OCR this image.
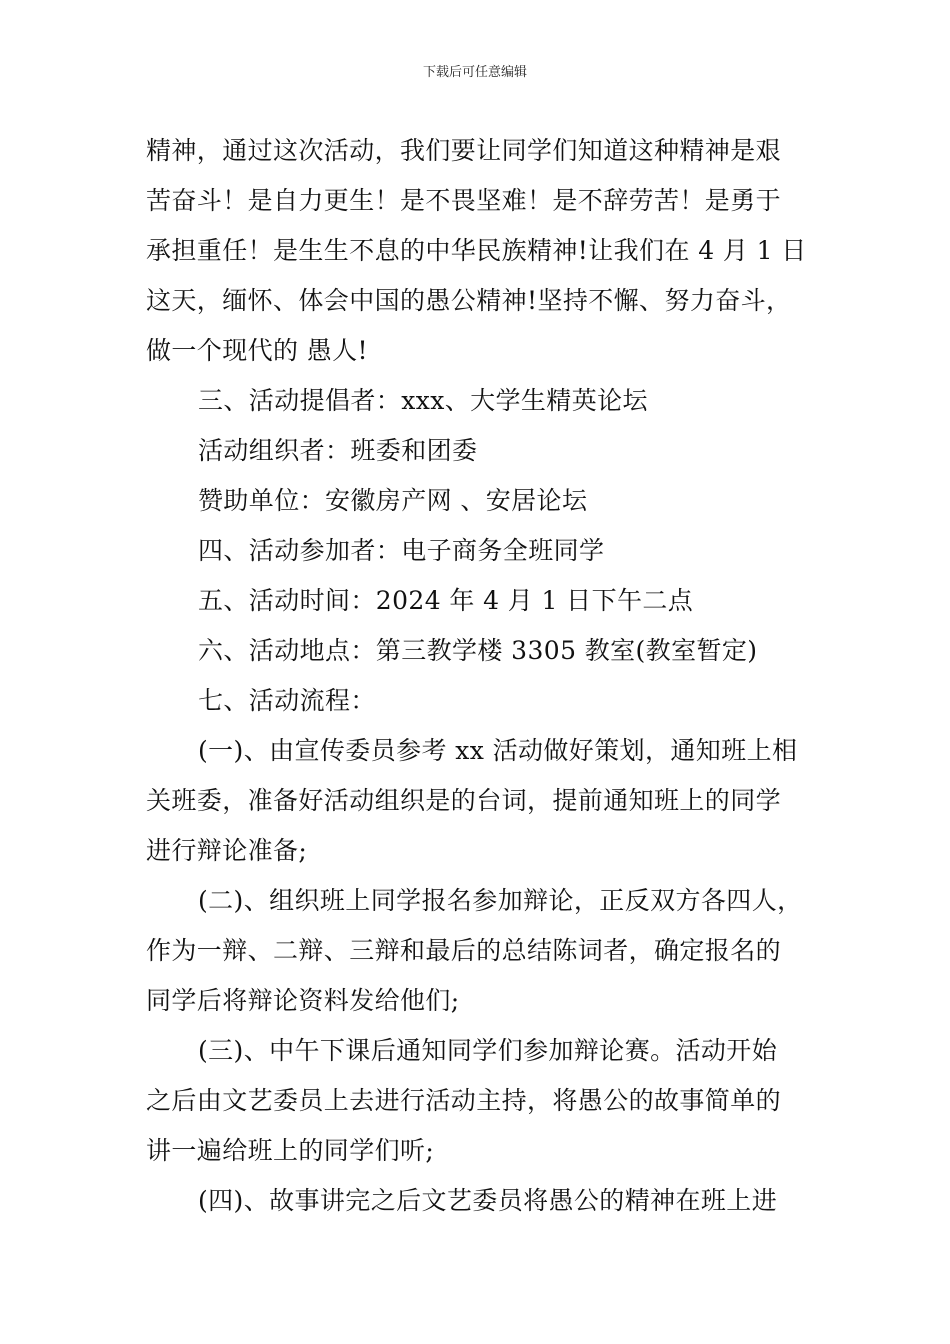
下载后可任意编辑
精神，通过这次活动，我们要让同学们知道这种精神是艰
苦奋斗！是自力更生！是不畏坚难！是不辞劳苦！是勇于
承担重任！是生生不息的中华民族精神!让我们在 4 月 1 日
这天，缅怀、体会中国的愚公精神!坚持不懈、努力奋斗，
做一个现代的 愚人!
三、活动提倡者：xxx、大学生精英论坛
活动组织者：班委和团委
赞助单位：安徽房产网 、安居论坛
四、活动参加者：电子商务全班同学
五、活动时间：2024 年 4 月 1 日下午二点
六、活动地点：第三教学楼 3305 教室(教室暂定)
七、活动流程：
(一)、由宣传委员参考 xx 活动做好策划，通知班上相
关班委，准备好活动组织是的台词，提前通知班上的同学
进行辩论准备;
(二)、组织班上同学报名参加辩论，正反双方各四人，
作为一辩、二辩、三辩和最后的总结陈词者，确定报名的
同学后将辩论资料发给他们;
(三)、中午下课后通知同学们参加辩论赛。活动开始
之后由文艺委员上去进行活动主持，将愚公的故事简单的
讲一遍给班上的同学们听;
(四)、故事讲完之后文艺委员将愚公的精神在班上进
